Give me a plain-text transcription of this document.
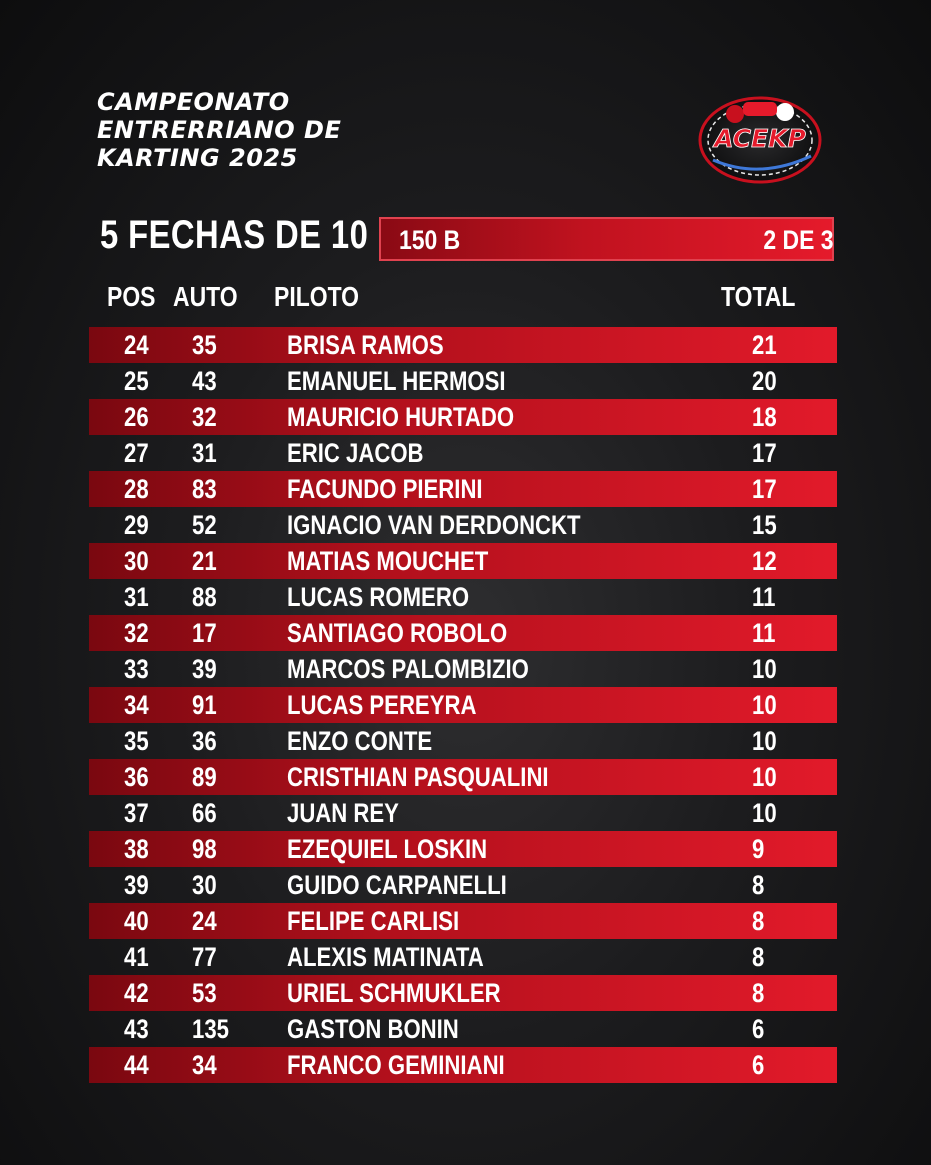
CAMPEONATO
ENTRERRIANO DE
KARTING 2025
ACEKP
5 FECHAS DE 10 150 B	2 DE 3
POS AUTO PILOTO	TOTAL
24 35	BRISA RAMOS	21
25 43	EMANUEL HERMOSI	20
26 32	MAURICIO HURTADO	18
27 31	ERIC JACOB	17
28 83	FACUNDO PIERINI	17
29 52	IGNACIO VAN DERDONCKT	15
30 21	MATIAS MOUCHET	12
31 88	LUCAS ROMERO	11
32 17	SANTIAGO ROBOLO	11
33 39	MARCOS PALOMBIZIO	10
34 91	LUCAS PEREYRA	10
35 36	ENZO CONTE	10
36 89	CRISTHIAN PASQUALINI	10
37 66	JUAN REY	10
38 98	EZEQUIEL LOSKIN	9
39 30	GUIDO CARPANELLI	8
40 24	FELIPE CARLISI	8
41 77	ALEXIS MATINATA	8
42 53	URIEL SCHMUKLER	8
43 135 GASTON BONIN	6
44 34	FRANCO GEMINIANI	6
